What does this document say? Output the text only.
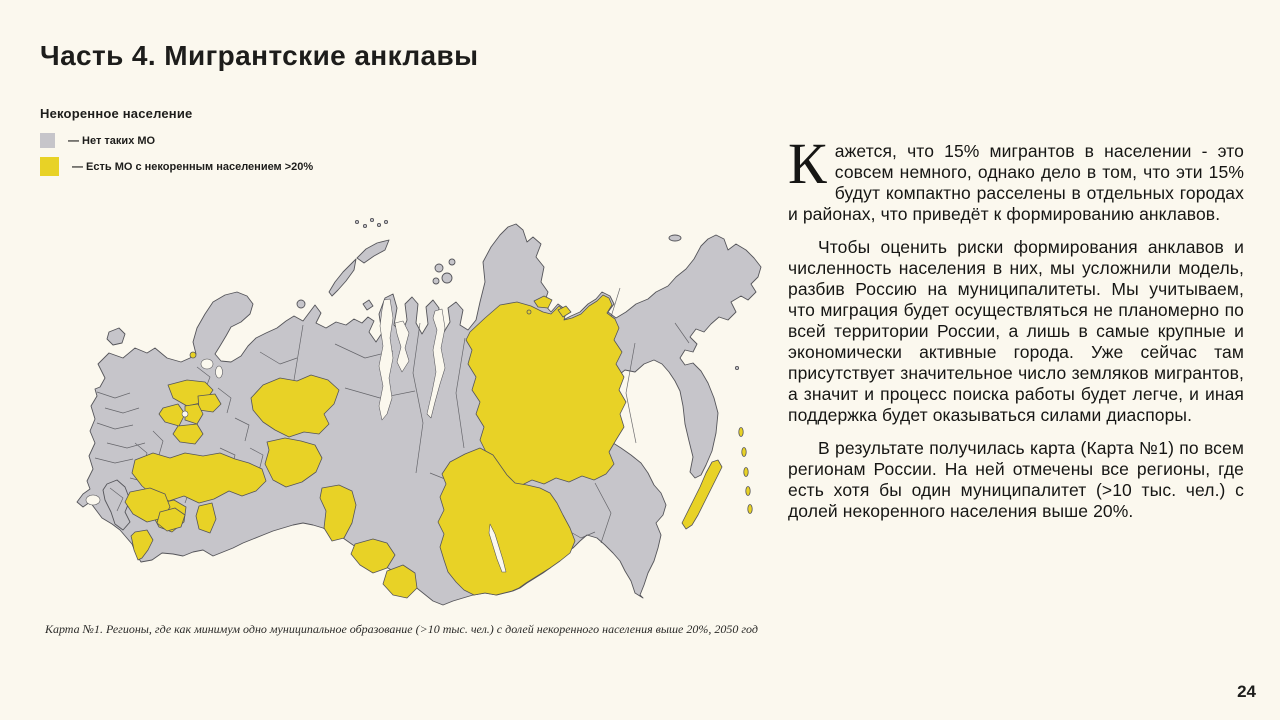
Часть 4. Мигрантские анклавы
Некоренное население
— Нет таких МО
— Есть МО с некоренным населением >20%
Карта №1. Регионы, где как минимум одно муниципальное образование (>10 тыс. чел.) с долей некоренного населения выше 20%, 2050 год

Кажется, что 15% мигрантов в населении - это совсем немного, однако дело в том, что эти 15% будут компактно расселены в отдельных городах и районах, что приведёт к формированию анклавов.

Чтобы оценить риски формирования анклавов и численность населения в них, мы усложнили модель, разбив Россию на муниципалитеты. Мы учитываем, что миграция будет осуществляться не планомерно по всей территории России, а лишь в самые крупные и экономически активные города. Уже сейчас там присутствует значительное число земляков мигрантов, а значит и процесс поиска работы будет легче, и иная поддержка будет оказываться силами диаспоры.

В результате получилась карта (Карта №1) по всем регионам России. На ней отмечены все регионы, где есть хотя бы один муниципалитет (>10 тыс. чел.) с долей некоренного населения выше 20%.

24
